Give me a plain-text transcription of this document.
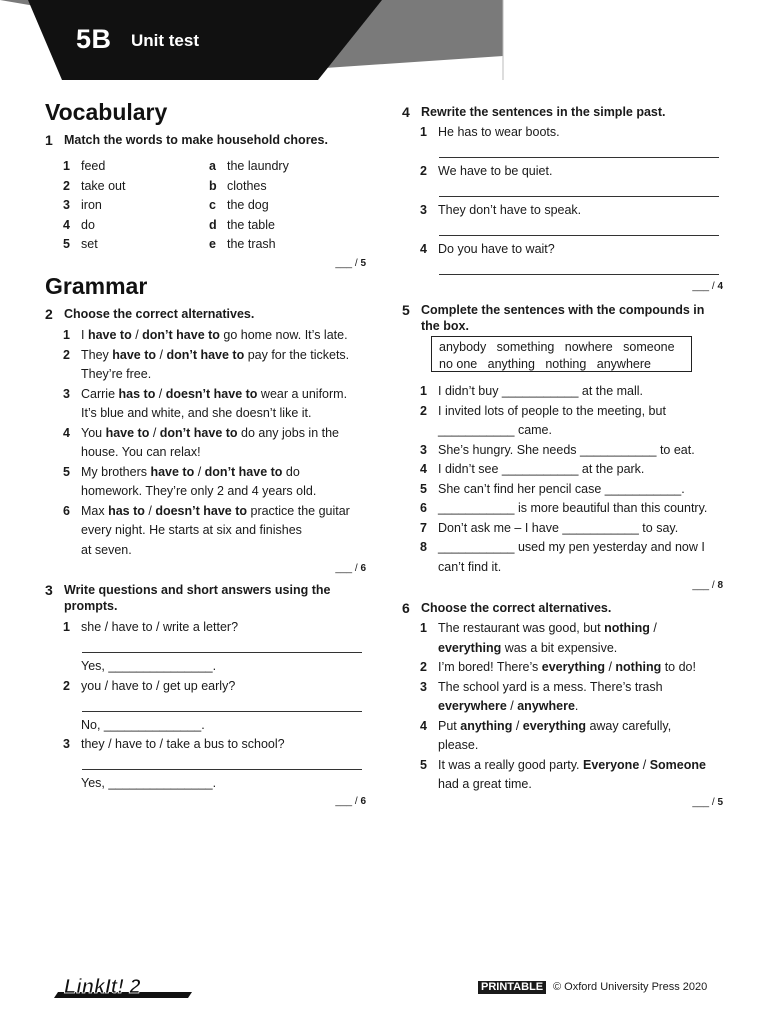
5B Unit test
Vocabulary
1 Match the words to make household chores.
1 feed
2 take out
3 iron
4 do
5 set
a the laundry
b clothes
c the dog
d the table
e the trash
___ / 5
Grammar
2 Choose the correct alternatives.
1 I have to / don’t have to go home now. It’s late.
2 They have to / don’t have to pay for the tickets.
They’re free.
3 Carrie has to / doesn’t have to wear a uniform.
It’s blue and white, and she doesn’t like it.
4 You have to / don’t have to do any jobs in the
house. You can relax!
5 My brothers have to / don’t have to do
homework. They’re only 2 and 4 years old.
6 Max has to / doesn’t have to practice the guitar
every night. He starts at six and finishes
at seven.
___ / 6
3 Write questions and short answers using the prompts.
1 she / have to / write a letter?
Yes, _______________.
2 you / have to / get up early?
No, ______________.
3 they / have to / take a bus to school?
Yes, _______________.
___ / 6
4 Rewrite the sentences in the simple past.
1 He has to wear boots.
2 We have to be quiet.
3 They don’t have to speak.
4 Do you have to wait?
___ / 4
5 Complete the sentences with the compounds in the box.
anybody   something   nowhere   someone
no one   anything   nothing   anywhere
1 I didn’t buy ___________ at the mall.
2 I invited lots of people to the meeting, but
___________ came.
3 She’s hungry. She needs ___________ to eat.
4 I didn’t see ___________ at the park.
5 She can’t find her pencil case ___________.
6 ___________ is more beautiful than this country.
7 Don’t ask me – I have ___________ to say.
8 ___________ used my pen yesterday and now I
can’t find it.
___ / 8
6 Choose the correct alternatives.
1 The restaurant was good, but nothing /
everything was a bit expensive.
2 I’m bored! There’s everything / nothing to do!
3 The school yard is a mess. There’s trash
everywhere / anywhere.
4 Put anything / everything away carefully,
please.
5 It was a really good party. Everyone / Someone
had a great time.
___ / 5
LinkIt! 2	PRINTABLE © Oxford University Press 2020
